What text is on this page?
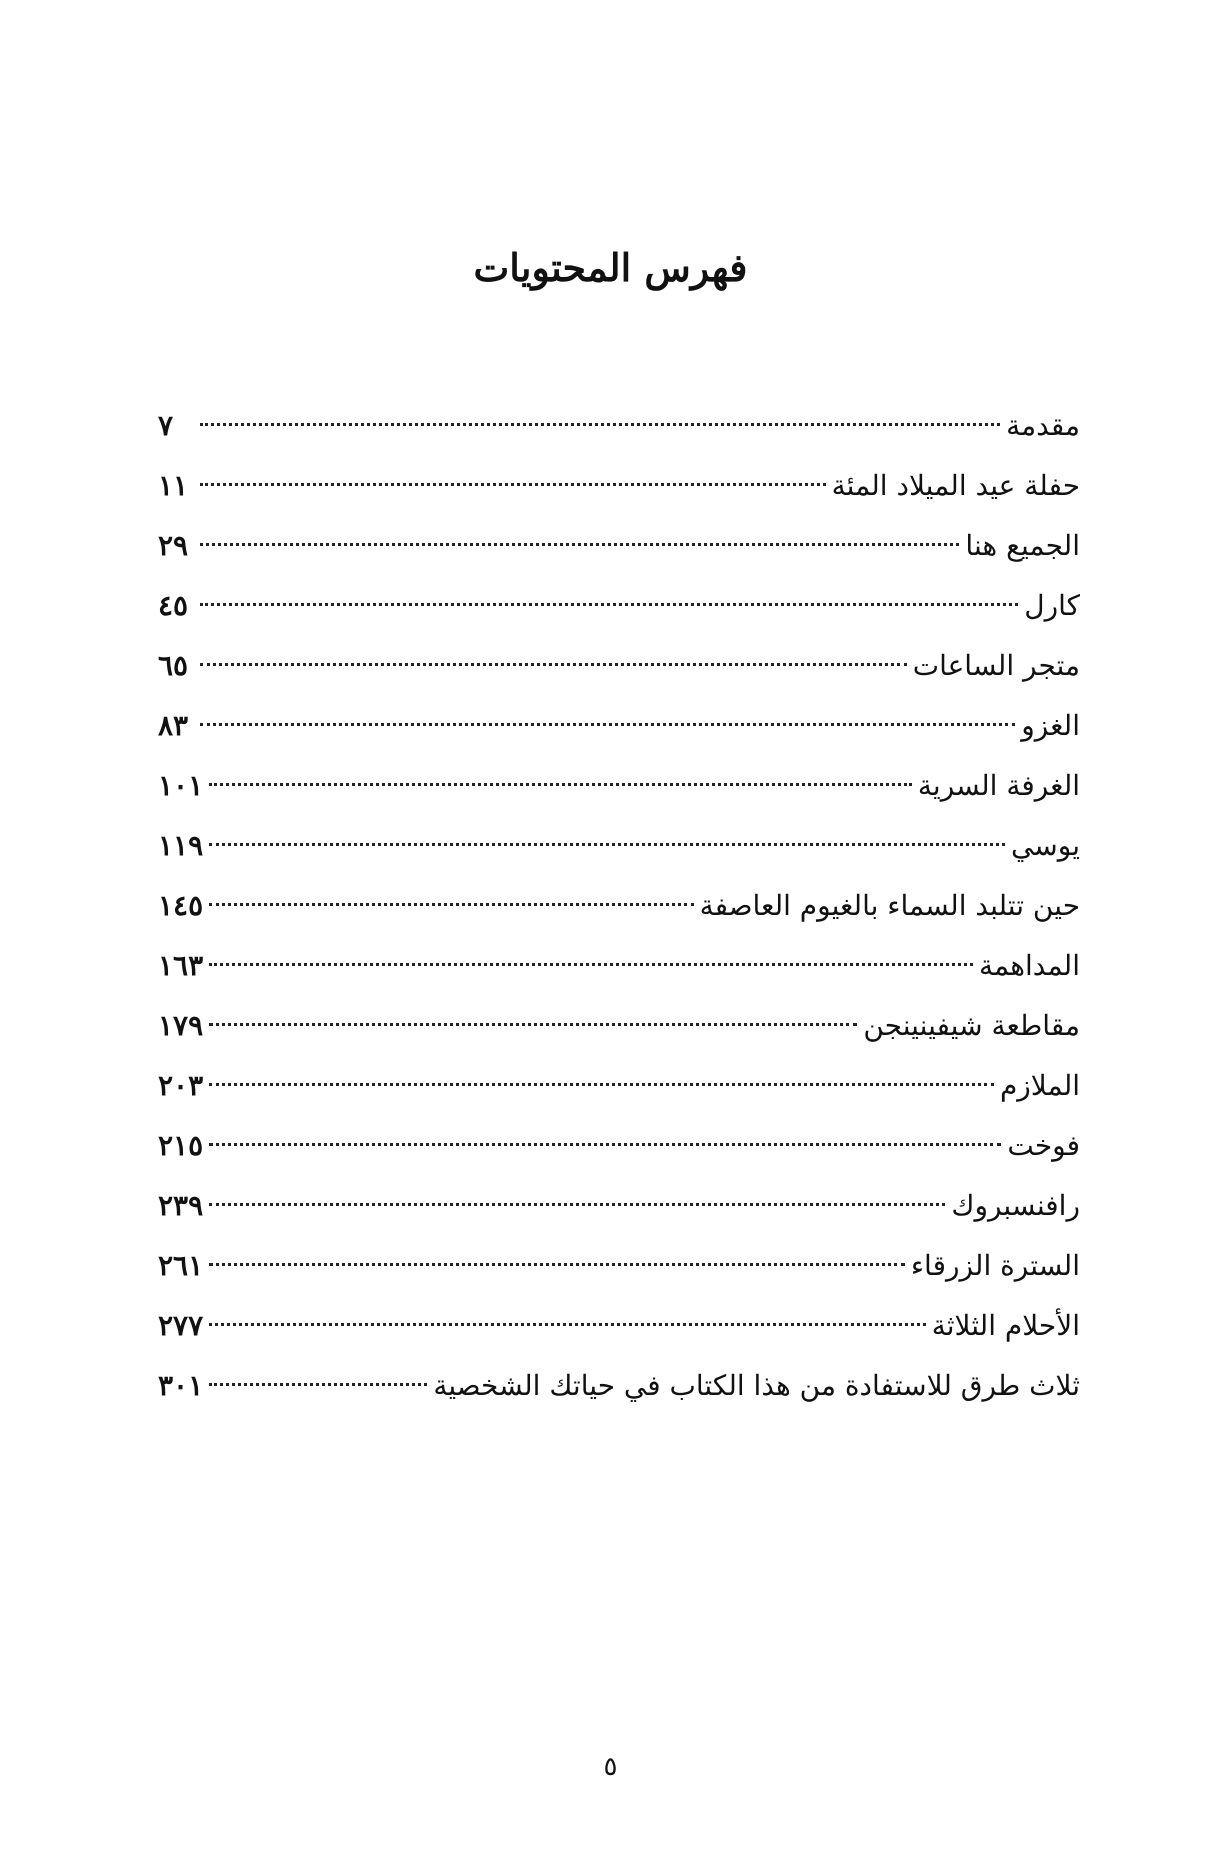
فهرس المحتويات
مقدمة
٧
حفلة عيد الميلاد المئة
١١
الجميع هنا
٢٩
كارل
٤٥
متجر الساعات
٦٥
الغزو
٨٣
الغرفة السرية
١٠١
يوسي
١١٩
حين تتلبد السماء بالغيوم العاصفة
١٤٥
المداهمة
١٦٣
مقاطعة شيفينينجن
١٧٩
الملازم
٢٠٣
فوخت
٢١٥
رافنسبروك
٢٣٩
السترة الزرقاء
٢٦١
الأحلام الثلاثة
٢٧٧
ثلاث طرق للاستفادة من هذا الكتاب في حياتك الشخصية
٣٠١
٥
